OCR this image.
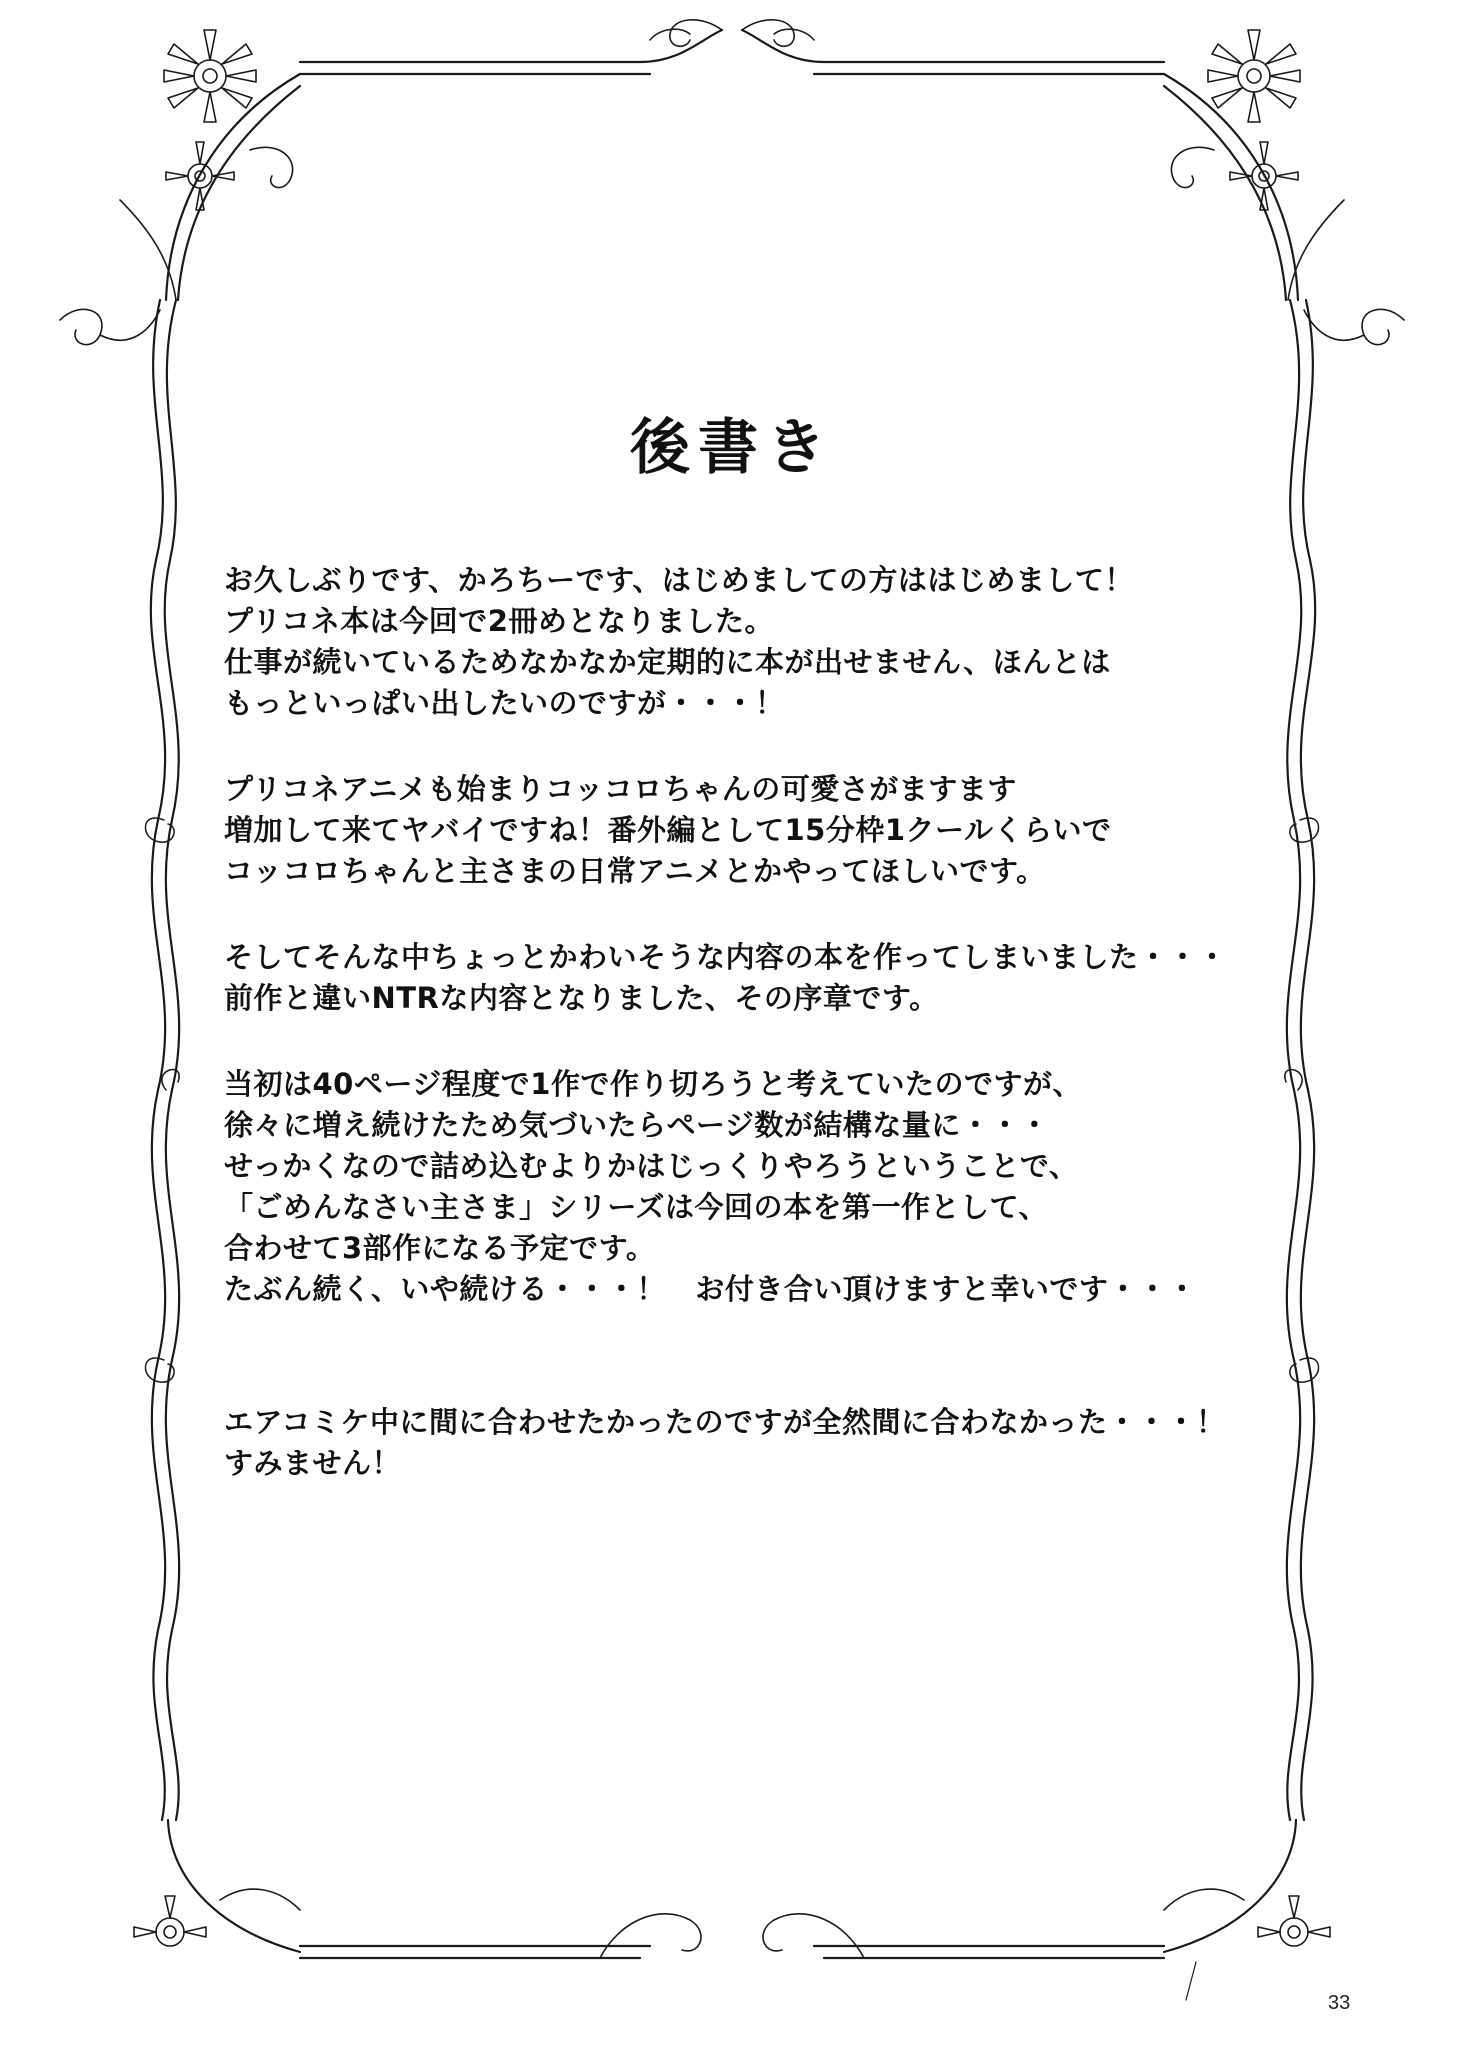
後書き
お久しぶりです、かろちーです、はじめましての方ははじめまして！
プリコネ本は今回で2冊めとなりました。
仕事が続いているためなかなか定期的に本が出せません、ほんとは
もっといっぱい出したいのですが・・・！
プリコネアニメも始まりコッコロちゃんの可愛さがますます
増加して来てヤバイですね！番外編として15分枠1クールくらいで
コッコロちゃんと主さまの日常アニメとかやってほしいです。
そしてそんな中ちょっとかわいそうな内容の本を作ってしまいました・・・
前作と違いNTRな内容となりました、その序章です。
当初は40ページ程度で1作で作り切ろうと考えていたのですが、
徐々に増え続けたため気づいたらページ数が結構な量に・・・
せっかくなので詰め込むよりかはじっくりやろうということで、
「ごめんなさい主さま」シリーズは今回の本を第一作として、
合わせて3部作になる予定です。
たぶん続く、いや続ける・・・！　お付き合い頂けますと幸いです・・・
エアコミケ中に間に合わせたかったのですが全然間に合わなかった・・・！
すみません！
33
